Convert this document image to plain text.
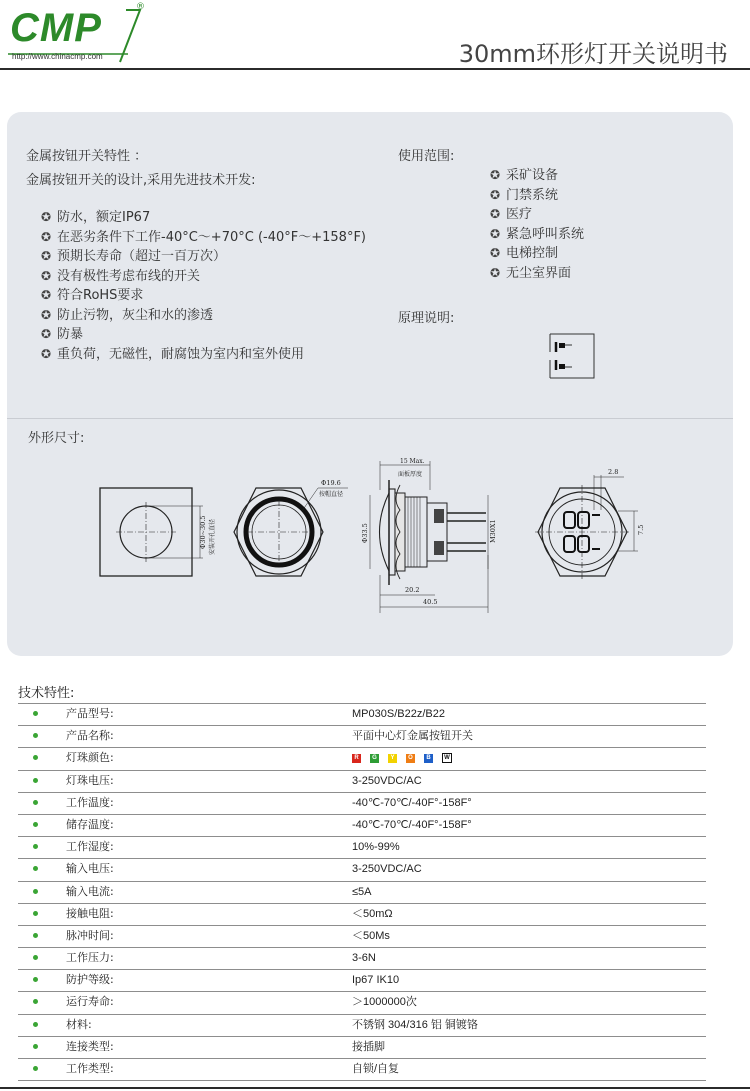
CMP	®
http://www.chinacmp.com	30mm环形灯开关说明书
金属按钮开关特性 ：
金属按钮开关的设计,采用先进技术开发:
✪ 防水，额定IP67
✪ 在恶劣条件下工作-40°C～+70°C (-40°F～+158°F)
✪ 预期长寿命（超过一百万次）
✪ 没有极性考虑布线的开关
✪ 符合RoHS要求
✪ 防止污物，灰尘和水的渗透
✪ 防暴
✪ 重负荷，无磁性，耐腐蚀为室内和室外使用
使用范围:
✪ 采矿设备
✪ 门禁系统
✪ 医疗
✪ 紧急呼叫系统
✪ 电梯控制
✪ 无尘室界面
原理说明:
外形尺寸:
Φ30~30.5 安装开孔直径
Φ19.6
按帽直径
15 Max.
面板厚度
Φ33.5	M30X1
20.2
40.5
2.8
7.5
技术特性:
产品型号:	MP030S/B22z/B22
产品名称:	平面中心灯金属按钮开关
灯珠颜色:	R G Y O B W
灯珠电压:	3-250VDC/AC
工作温度:	-40℃-70℃/-40F°-158F°
储存温度:	-40℃-70℃/-40F°-158F°
工作湿度:	10%-99%
输入电压:	3-250VDC/AC
输入电流:	≤5A
接触电阻:	＜50mΩ
脉冲时间:	＜50Ms
工作压力:	3-6N
防护等级:	Ip67 IK10
运行寿命:	＞1000000次
材料:	不锈钢 304/316 铝 铜镀铬
连接类型:	接插脚
工作类型:	自锁/自复
